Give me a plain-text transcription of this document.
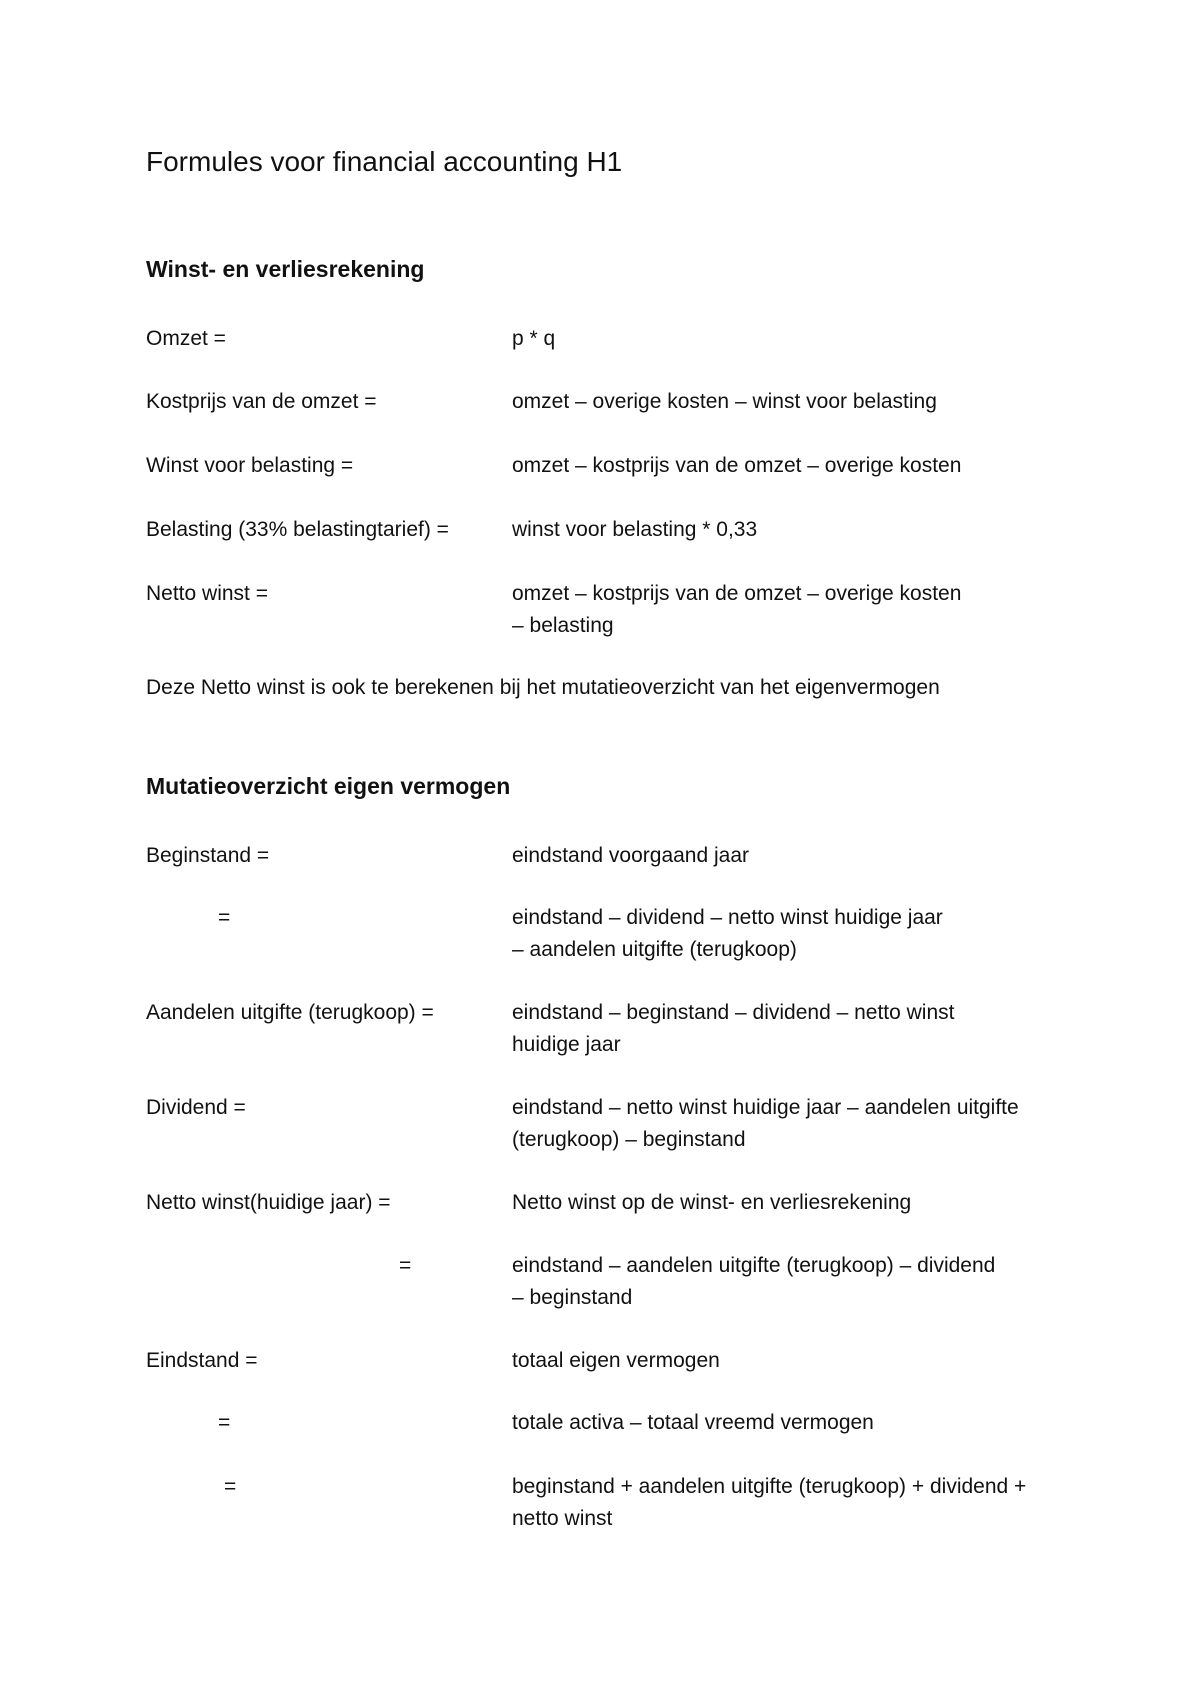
Formules voor financial accounting H1
Winst- en verliesrekening
Omzet =	p * q
Kostprijs van de omzet =	omzet – overige kosten – winst voor belasting
Winst voor belasting =	omzet – kostprijs van de omzet – overige kosten
Belasting (33% belastingtarief) =	winst voor belasting * 0,33
Netto winst =	omzet – kostprijs van de omzet – overige kosten
– belasting
Deze Netto winst is ook te berekenen bij het mutatieoverzicht van het eigenvermogen
Mutatieoverzicht eigen vermogen
Beginstand =	eindstand voorgaand jaar
=	eindstand – dividend – netto winst huidige jaar
– aandelen uitgifte (terugkoop)
Aandelen uitgifte (terugkoop) =	eindstand – beginstand – dividend – netto winst
huidige jaar
Dividend =	eindstand – netto winst huidige jaar – aandelen uitgifte
(terugkoop) – beginstand
Netto winst(huidige jaar) =	Netto winst op de winst- en verliesrekening
=	eindstand – aandelen uitgifte (terugkoop) – dividend
– beginstand
Eindstand =	totaal eigen vermogen
=	totale activa – totaal vreemd vermogen
=	beginstand + aandelen uitgifte (terugkoop) + dividend +
netto winst
